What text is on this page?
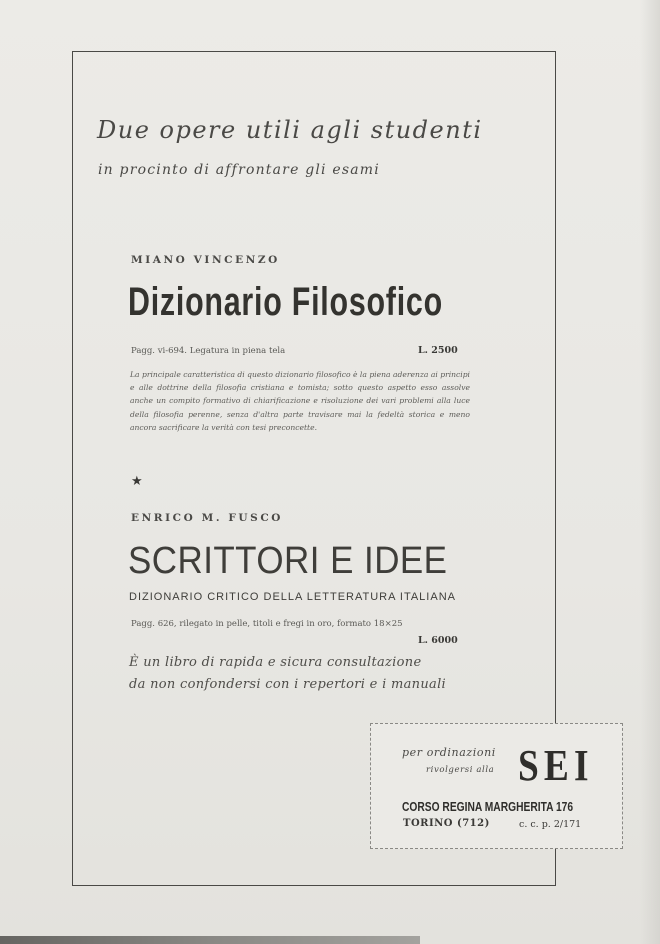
Due opere utili agli studenti
in procinto di affrontare gli esami
MIANO VINCENZO
Dizionario Filosofico
Pagg. vi-694. Legatura in piena tela	L. 2500
La principale caratteristica di questo dizionario filosofico è la piena aderenza ai principi e alle dottrine della filosofia cristiana e tomista; sotto questo aspetto esso assolve anche un compito formativo di chiarificazione e risoluzione dei vari problemi alla luce della filosofia perenne, senza d'altra parte travisare mai la fedeltà storica e meno ancora sacrificare la verità con tesi preconcette.
★
ENRICO M. FUSCO
SCRITTORI E IDEE
DIZIONARIO CRITICO DELLA LETTERATURA ITALIANA
Pagg. 626, rilegato in pelle, titoli e fregi in oro, formato 18×25
L. 6000
È un libro di rapida e sicura consultazione
da non confondersi con i repertori e i manuali
per ordinazioni
rivolgersi alla SEI
CORSO REGINA MARGHERITA 176
TORINO (712)	c. c. p. 2/171
